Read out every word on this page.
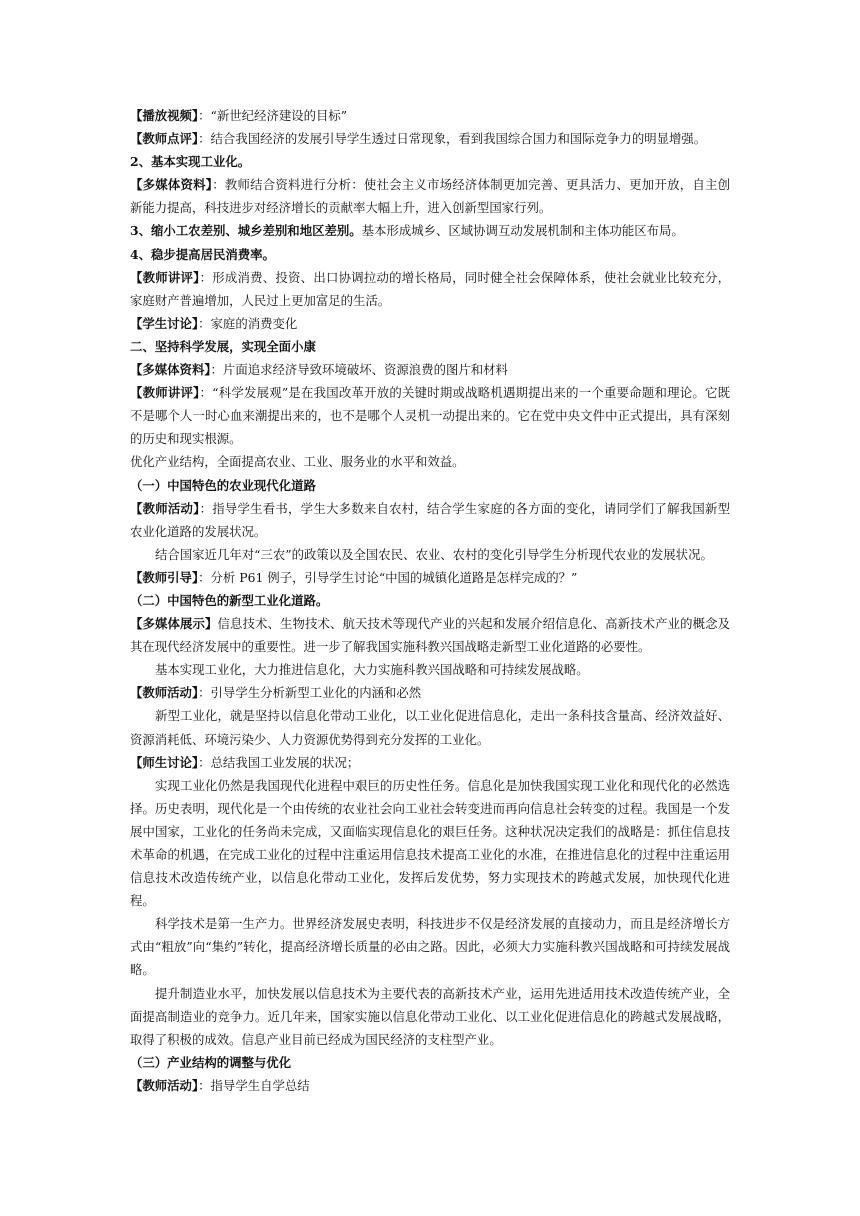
【播放视频】：“新世纪经济建设的目标”

【教师点评】：结合我国经济的发展引导学生透过日常现象，看到我国综合国力和国际竞争力的明显增强。

2、基本实现工业化。

【多媒体资料】：教师结合资料进行分析：使社会主义市场经济体制更加完善、更具活力、更加开放，自主创新能力提高，科技进步对经济增长的贡献率大幅上升，进入创新型国家行列。

3、缩小工农差别、城乡差别和地区差别。基本形成城乡、区域协调互动发展机制和主体功能区布局。

4、稳步提高居民消费率。

【教师讲评】：形成消费、投资、出口协调拉动的增长格局，同时健全社会保障体系，使社会就业比较充分，家庭财产普遍增加，人民过上更加富足的生活。

【学生讨论】：家庭的消费变化

二、坚持科学发展，实现全面小康

【多媒体资料】：片面追求经济导致环境破坏、资源浪费的图片和材料

【教师讲评】：“科学发展观”是在我国改革开放的关键时期或战略机遇期提出来的一个重要命题和理论。它既不是哪个人一时心血来潮提出来的，也不是哪个人灵机一动提出来的。它在党中央文件中正式提出，具有深刻的历史和现实根源。

优化产业结构，全面提高农业、工业、服务业的水平和效益。

（一）中国特色的农业现代化道路

【教师活动】：指导学生看书，学生大多数来自农村，结合学生家庭的各方面的变化，请同学们了解我国新型农业化道路的发展状况。

结合国家近几年对“三农”的政策以及全国农民、农业、农村的变化引导学生分析现代农业的发展状况。

【教师引导】：分析 P61 例子，引导学生讨论“中国的城镇化道路是怎样完成的？”

（二）中国特色的新型工业化道路。

【多媒体展示】信息技术、生物技术、航天技术等现代产业的兴起和发展介绍信息化、高新技术产业的概念及其在现代经济发展中的重要性。进一步了解我国实施科教兴国战略走新型工业化道路的必要性。

基本实现工业化，大力推进信息化，大力实施科教兴国战略和可持续发展战略。

【教师活动】：引导学生分析新型工业化的内涵和必然

新型工业化，就是坚持以信息化带动工业化，以工业化促进信息化，走出一条科技含量高、经济效益好、资源消耗低、环境污染少、人力资源优势得到充分发挥的工业化。

【师生讨论】：总结我国工业发展的状况；

实现工业化仍然是我国现代化进程中艰巨的历史性任务。信息化是加快我国实现工业化和现代化的必然选择。历史表明，现代化是一个由传统的农业社会向工业社会转变进而再向信息社会转变的过程。我国是一个发展中国家，工业化的任务尚未完成，又面临实现信息化的艰巨任务。这种状况决定我们的战略是：抓住信息技术革命的机遇，在完成工业化的过程中注重运用信息技术提高工业化的水准，在推进信息化的过程中注重运用信息技术改造传统产业，以信息化带动工业化，发挥后发优势，努力实现技术的跨越式发展，加快现代化进程。

科学技术是第一生产力。世界经济发展史表明，科技进步不仅是经济发展的直接动力，而且是经济增长方式由“粗放”向“集约”转化，提高经济增长质量的必由之路。因此，必须大力实施科教兴国战略和可持续发展战略。

提升制造业水平，加快发展以信息技术为主要代表的高新技术产业，运用先进适用技术改造传统产业，全面提高制造业的竞争力。近几年来，国家实施以信息化带动工业化、以工业化促进信息化的跨越式发展战略，取得了积极的成效。信息产业目前已经成为国民经济的支柱型产业。

（三）产业结构的调整与优化

【教师活动】：指导学生自学总结
